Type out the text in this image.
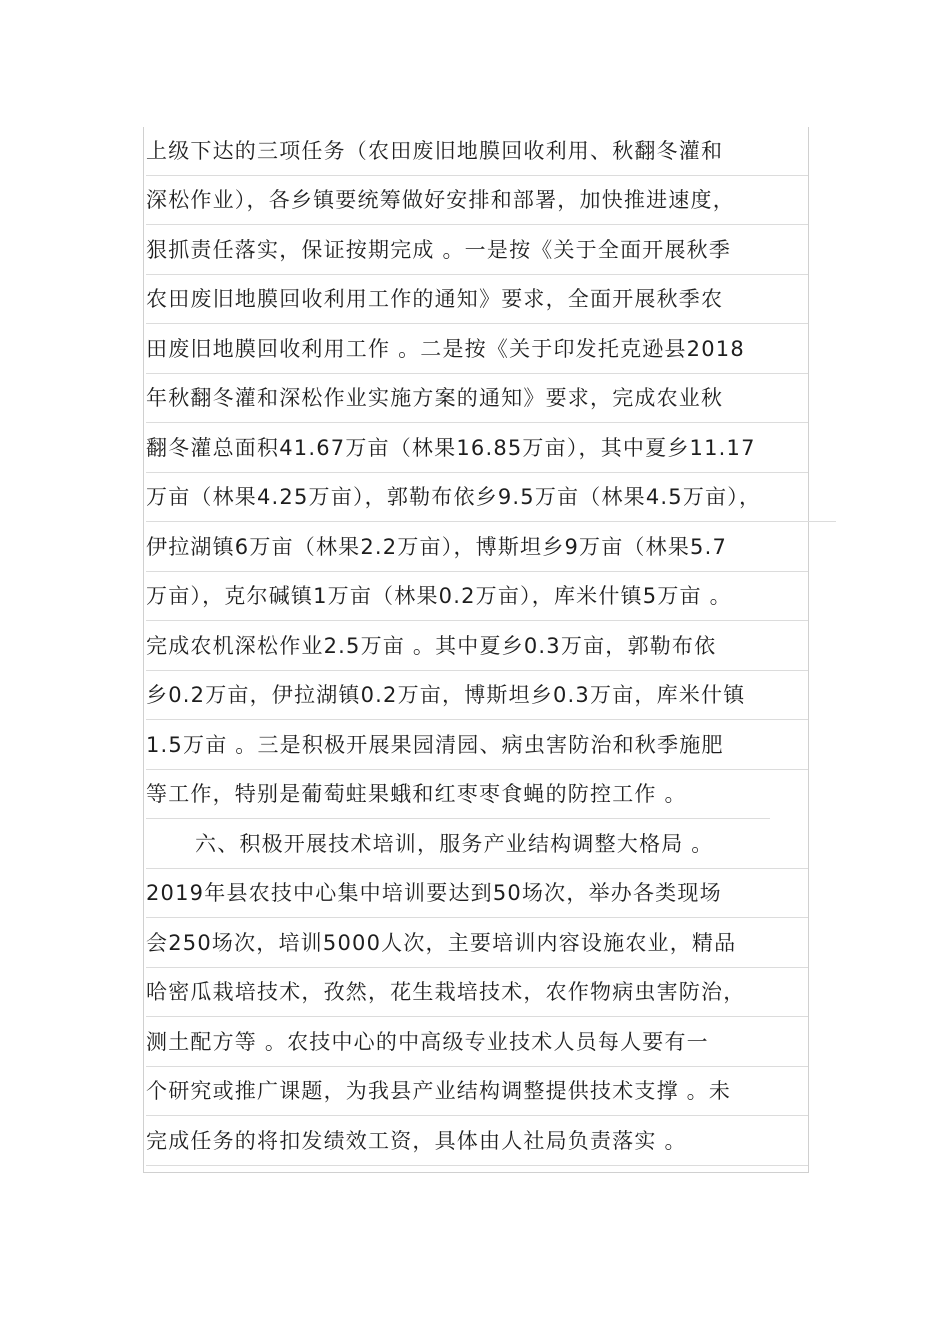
上级下达的三项任务（农田废旧地膜回收利用、秋翻冬灌和
深松作业），各乡镇要统筹做好安排和部署，加快推进速度，
狠抓责任落实，保证按期完成 。一是按《关于全面开展秋季
农田废旧地膜回收利用工作的通知》要求，全面开展秋季农
田废旧地膜回收利用工作 。二是按《关于印发托克逊县2018
年秋翻冬灌和深松作业实施方案的通知》要求，完成农业秋
翻冬灌总面积41.67万亩（林果16.85万亩），其中夏乡11.17
万亩（林果4.25万亩），郭勒布依乡9.5万亩（林果4.5万亩），
伊拉湖镇6万亩（林果2.2万亩），博斯坦乡9万亩（林果5.7
万亩），克尔碱镇1万亩（林果0.2万亩），库米什镇5万亩 。
完成农机深松作业2.5万亩 。其中夏乡0.3万亩，郭勒布依
乡0.2万亩，伊拉湖镇0.2万亩，博斯坦乡0.3万亩，库米什镇
1.5万亩 。三是积极开展果园清园、病虫害防治和秋季施肥
等工作，特别是葡萄蛀果蛾和红枣枣食蝇的防控工作 。
六、积极开展技术培训，服务产业结构调整大格局 。
2019年县农技中心集中培训要达到50场次，举办各类现场
会250场次，培训5000人次，主要培训内容设施农业，精品
哈密瓜栽培技术，孜然，花生栽培技术，农作物病虫害防治，
测土配方等 。农技中心的中高级专业技术人员每人要有一
个研究或推广课题，为我县产业结构调整提供技术支撑 。未
完成任务的将扣发绩效工资，具体由人社局负责落实 。
